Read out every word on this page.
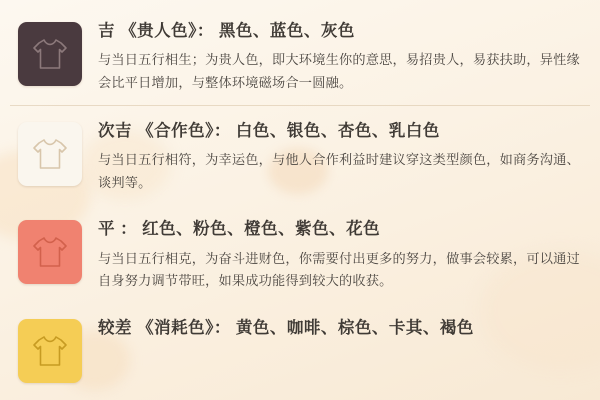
吉 《贵人色》： 黑色、蓝色、灰色
与当日五行相生；为贵人色，即大环境生你的意思，易招贵人，易获扶助，异性缘会比平日增加，与整体环境磁场合一圆融。
次吉 《合作色》： 白色、银色、杏色、乳白色
与当日五行相符，为幸运色，与他人合作利益时建议穿这类型颜色，如商务沟通、谈判等。
平 ： 红色、粉色、橙色、紫色、花色
与当日五行相克，为奋斗进财色，你需要付出更多的努力，做事会较累，可以通过自身努力调节带旺，如果成功能得到较大的收获。
较差 《消耗色》： 黄色、咖啡、棕色、卡其、褐色
